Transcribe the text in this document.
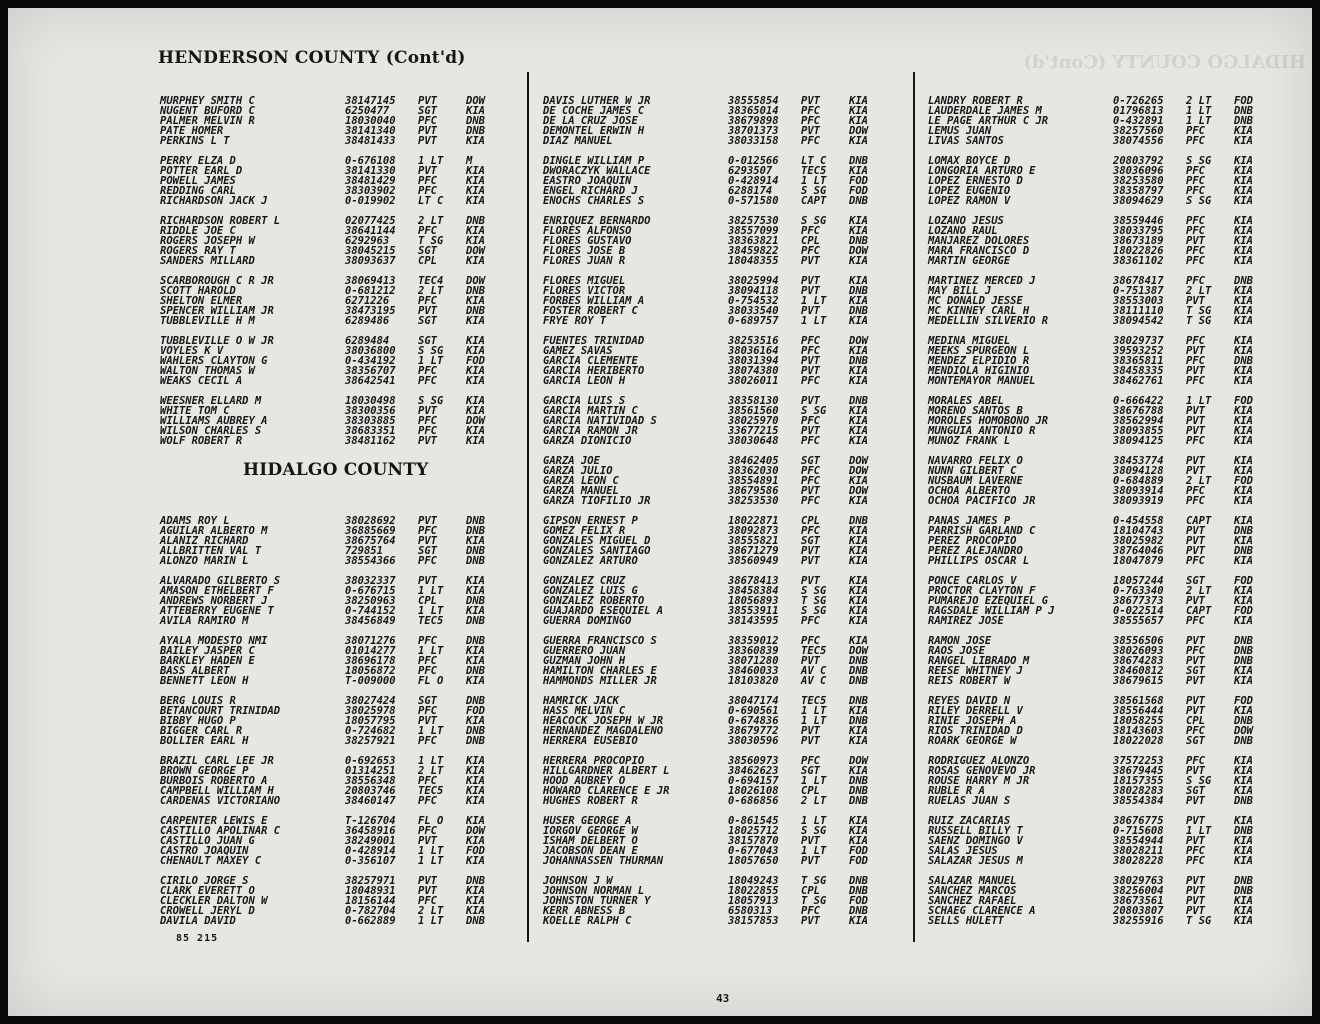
HIDALGO COUNTY (Cont'd)
HENDERSON COUNTY (Cont'd)
HIDALGO COUNTY
MURPHEY SMITH C	38147145 PVT	DOW
NUGENT BUFORD C	6250477	SGT	KIA
PALMER MELVIN R	18030040 PFC	DNB
PATE HOMER	38141340 PVT	DNB
PERKINS L T	38481433 PVT	KIA
PERRY ELZA D	0-676108 1 LT M
POTTER EARL D	38141330 PVT	KIA
POWELL JAMES	38481429 PFC	KIA
REDDING CARL	38303902 PFC	KIA
RICHARDSON JACK J	0-019902 LT C KIA
RICHARDSON ROBERT L	02077425 2 LT DNB
RIDDLE JOE C	38641144 PFC	KIA
ROGERS JOSEPH W	6292963	T SG KIA
ROGERS RAY T	38045215 SGT	DOW
SANDERS MILLARD	38093637 CPL	KIA
SCARBOROUGH C R JR	38069413 TEC4 DOW
SCOTT HAROLD	0-681212 2 LT DNB
SHELTON ELMER	6271226	PFC	KIA
SPENCER WILLIAM JR	38473195 PVT	DNB
TUBBLEVILLE H M	6289486	SGT	KIA
TUBBLEVILLE O W JR	6289484	SGT	KIA
VOYLES K V	38036800 S SG KIA
WAHLERS CLAYTON G	0-434192 1 LT FOD
WALTON THOMAS W	38356707 PFC	KIA
WEAKS CECIL A	38642541 PFC	KIA
WEESNER ELLARD M	18030498 S SG KIA
WHITE TOM C	38300356 PVT	KIA
WILLIAMS AUBREY A	38303885 PFC	DOW
WILSON CHARLES S	38683351 PFC	KIA
WOLF ROBERT R	38481162 PVT	KIA
ADAMS ROY L	38028692 PVT	DNB
AGUILAR ALBERTO M	36885669 PFC	DNB
ALANIZ RICHARD	38675764 PVT	KIA
ALLBRITTEN VAL T	729851	SGT	DNB
ALONZO MARIN L	38554366 PFC	DNB
ALVARADO GILBERTO S	38032337 PVT	KIA
AMASON ETHELBERT F	0-676715 1 LT KIA
ANDREWS NORBERT J	38250963 CPL	DNB
ATTEBERRY EUGENE T	0-744152 1 LT KIA
AVILA RAMIRO M	38456849 TEC5 DNB
AYALA MODESTO NMI	38071276 PFC	DNB
BAILEY JASPER C	01014277 1 LT KIA
BARKLEY HADEN E	38696178 PFC	KIA
BASS ALBERT	18056872 PFC	DNB
BENNETT LEON H	T-009000 FL O KIA
BERG LOUIS R	38027424 SGT	DNB
BETANCOURT TRINIDAD	38025978 PFC	FOD
BIBBY HUGO P	18057795 PVT	KIA
BIGGER CARL R	0-724682 1 LT DNB
BOLLIER EARL H	38257921 PFC	DNB
BRAZIL CARL LEE JR	0-692653 1 LT KIA
BROWN GEORGE P	01314251 2 LT KIA
BURBOIS ROBERTO A	38556348 PFC	KIA
CAMPBELL WILLIAM H	20803746 TEC5 KIA
CARDENAS VICTORIANO	38460147 PFC	KIA
CARPENTER LEWIS E	T-126704 FL O KIA
CASTILLO APOLINAR C	36458916 PFC	DOW
CASTILLO JUAN G	38249001 PVT	KIA
CASTRO JOAQUIN	0-428914 1 LT FOD
CHENAULT MAXEY C	0-356107 1 LT KIA
CIRILO JORGE S	38257971 PVT	DNB
CLARK EVERETT O	18048931 PVT	KIA
CLECKLER DALTON W	18156144 PFC	KIA
CROWELL JERYL D	0-782704 2 LT KIA
DAVILA DAVID	0-662889 1 LT DNB
DAVIS LUTHER W JR	38555854 PVT	KIA
DE COCHE JAMES C	38365014 PFC	KIA
DE LA CRUZ JOSE	38679898 PFC	KIA
DEMONTEL ERWIN H	38701373 PVT	DOW
DIAZ MANUEL	38033158 PFC	KIA
DINGLE WILLIAM P	0-012566 LT C DNB
DWORACZYK WALLACE	6293507	TEC5 KIA
EASTRO JOAQUIN	0-428914 1 LT FOD
ENGEL RICHARD J	6288174	S SG FOD
ENOCHS CHARLES S	0-571580 CAPT DNB
ENRIQUEZ BERNARDO	38257530 S SG KIA
FLORES ALFONSO	38557099 PFC	KIA
FLORES GUSTAVO	38363821 CPL	DNB
FLORES JOSE B	38459822 PFC	DOW
FLORES JUAN R	18048355 PVT	KIA
FLORES MIGUEL	38025994 PVT	KIA
FLORES VICTOR	38094118 PVT	DNB
FORBES WILLIAM A	0-754532 1 LT KIA
FOSTER ROBERT C	38033540 PVT	DNB
FRYE ROY T	0-689757 1 LT KIA
FUENTES TRINIDAD	38253516 PFC	DOW
GAMEZ SAVAS	38036164 PFC	KIA
GARCIA CLEMENTE	38031394 PVT	DNB
GARCIA HERIBERTO	38074380 PVT	KIA
GARCIA LEON H	38026011 PFC	KIA
GARCIA LUIS S	38358130 PVT	DNB
GARCIA MARTIN C	38561560 S SG KIA
GARCIA NATIVIDAD S	38025970 PFC	KIA
GARCIA RAMON JR	33677215 PVT	KIA
GARZA DIONICIO	38030648 PFC	KIA
GARZA JOE	38462405 SGT	DOW
GARZA JULIO	38362030 PFC	DOW
GARZA LEON C	38554891 PFC	KIA
GARZA MANUEL	38679586 PVT	DOW
GARZA TIOFILIO JR	38253530 PFC	KIA
GIPSON ERNEST P	18022871 CPL	DNB
GOMEZ FELIX R	38092873 PFC	KIA
GONZALES MIGUEL D	38555821 SGT	KIA
GONZALES SANTIAGO	38671279 PVT	KIA
GONZALEZ ARTURO	38560949 PVT	KIA
GONZALEZ CRUZ	38678413 PVT	KIA
GONZALEZ LUIS G	38458384 S SG KIA
GONZALEZ ROBERTO	18056893 T SG KIA
GUAJARDO ESEQUIEL A	38553911 S SG KIA
GUERRA DOMINGO	38143595 PFC	KIA
GUERRA FRANCISCO S	38359012 PFC	KIA
GUERRERO JUAN	38360839 TEC5 DOW
GUZMAN JOHN H	38071280 PVT	DNB
HAMILTON CHARLES E	38460033 AV C DNB
HAMMONDS MILLER JR	18103820 AV C DNB
HAMRICK JACK	38047174 TEC5 DNB
HASS MELVIN C	0-690561 1 LT KIA
HEACOCK JOSEPH W JR	0-674836 1 LT DNB
HERNANDEZ MAGDALENO	38679772 PVT	KIA
HERRERA EUSEBIO	38030596 PVT	KIA
HERRERA PROCOPIO	38560973 PFC	DOW
HILLGARDNER ALBERT L	38462623 SGT	KIA
HOOD AUBREY O	0-694157 1 LT DNB
HOWARD CLARENCE E JR	18026108 CPL	DNB
HUGHES ROBERT R	0-686856 2 LT DNB
HUSER GEORGE A	0-861545 1 LT KIA
IORGOV GEORGE W	18025712 S SG KIA
ISHAM DELBERT O	38157870 PVT	KIA
JACOBSON DEAN E	0-677043 1 LT FOD
JOHANNASSEN THURMAN	18057650 PVT	FOD
JOHNSON J W	18049243 T SG DNB
JOHNSON NORMAN L	18022855 CPL	DNB
JOHNSTON TURNER Y	18057913 T SG FOD
KERR ABNESS B	6580313	PFC	DNB
KOELLE RALPH C	38157853 PVT	KIA
LANDRY ROBERT R	0-726265 2 LT FOD
LAUDERDALE JAMES M	01796813 1 LT DNB
LE PAGE ARTHUR C JR	0-432891 1 LT DNB
LEMUS JUAN	38257560 PFC	KIA
LIVAS SANTOS	38074556 PFC	KIA
LOMAX BOYCE D	20803792 S SG KIA
LONGORIA ARTURO E	38036096 PFC	KIA
LOPEZ ERNESTO D	38253580 PFC	KIA
LOPEZ EUGENIO	38358797 PFC	KIA
LOPEZ RAMON V	38094629 S SG KIA
LOZANO JESUS	38559446 PFC	KIA
LOZANO RAUL	38033795 PFC	KIA
MANJAREZ DOLORES	38673189 PVT	KIA
MARA FRANCISCO D	18022826 PFC	KIA
MARTIN GEORGE	38361102 PFC	KIA
MARTINEZ MERCED J	38678417 PFC	DNB
MAY BILL J	0-751387 2 LT KIA
MC DONALD JESSE	38553003 PVT	KIA
MC KINNEY CARL H	38111110 T SG KIA
MEDELLIN SILVERIO R	38094542 T SG KIA
MEDINA MIGUEL	38029737 PFC	KIA
MEEKS SPURGEON L	39593252 PVT	KIA
MENDEZ ELPIDIO R	38365811 PFC	DNB
MENDIOLA HIGINIO	38458335 PVT	KIA
MONTEMAYOR MANUEL	38462761 PFC	KIA
MORALES ABEL	0-666422 1 LT FOD
MORENO SANTOS B	38676788 PVT	KIA
MOROLES HOMOBONO JR	38562994 PVT	KIA
MUNGUIA ANTONIO R	38093855 PVT	KIA
MUNOZ FRANK L	38094125 PFC	KIA
NAVARRO FELIX O	38453774 PVT	KIA
NUNN GILBERT C	38094128 PVT	KIA
NUSBAUM LAVERNE	0-684889 2 LT FOD
OCHOA ALBERTO	38093914 PFC	KIA
OCHOA PACIFICO JR	38093919 PFC	KIA
PANAS JAMES P	0-454558 CAPT KIA
PARRISH GARLAND C	18104743 PVT	DNB
PEREZ PROCOPIO	38025982 PVT	KIA
PEREZ ALEJANDRO	38764046 PVT	DNB
PHILLIPS OSCAR L	18047879 PFC	KIA
PONCE CARLOS V	18057244 SGT	FOD
PROCTOR CLAYTON F	0-763340 2 LT KIA
PUMAREJO EZEQUIEL G	38677373 PVT	KIA
RAGSDALE WILLIAM P J	0-022514 CAPT FOD
RAMIREZ JOSE	38555657 PFC	KIA
RAMON JOSE	38556506 PVT	DNB
RAOS JOSE	38026093 PFC	DNB
RANGEL LIBRADO M	38674283 PVT	DNB
REESE WHITNEY J	38460812 SGT	KIA
REIS ROBERT W	38679615 PVT	KIA
REYES DAVID N	38561568 PVT	FOD
RILEY DERRELL V	38556444 PVT	KIA
RINIE JOSEPH A	18058255 CPL	DNB
RIOS TRINIDAD D	38143603 PFC	DOW
ROARK GEORGE W	18022028 SGT	DNB
RODRIGUEZ ALONZO	37572253 PFC	KIA
ROSAS GENOVEVO JR	38679445 PVT	KIA
ROUSE HARRY M JR	18157355 S SG KIA
RUBLE R A	38028283 SGT	KIA
RUELAS JUAN S	38554384 PVT	DNB
RUIZ ZACARIAS	38676775 PVT	KIA
RUSSELL BILLY T	0-715608 1 LT DNB
SAENZ DOMINGO V	38554944 PVT	KIA
SALAS JESUS	38028211 PFC	KIA
SALAZAR JESUS M	38028228 PFC	KIA
SALAZAR MANUEL	38029763 PVT	DNB
SANCHEZ MARCOS	38256004 PVT	DNB
SANCHEZ RAFAEL	38673561 PVT	KIA
SCHAEG CLARENCE A	20803807 PVT	KIA
SELLS HULETT	38255916 T SG KIA
85 215
43
